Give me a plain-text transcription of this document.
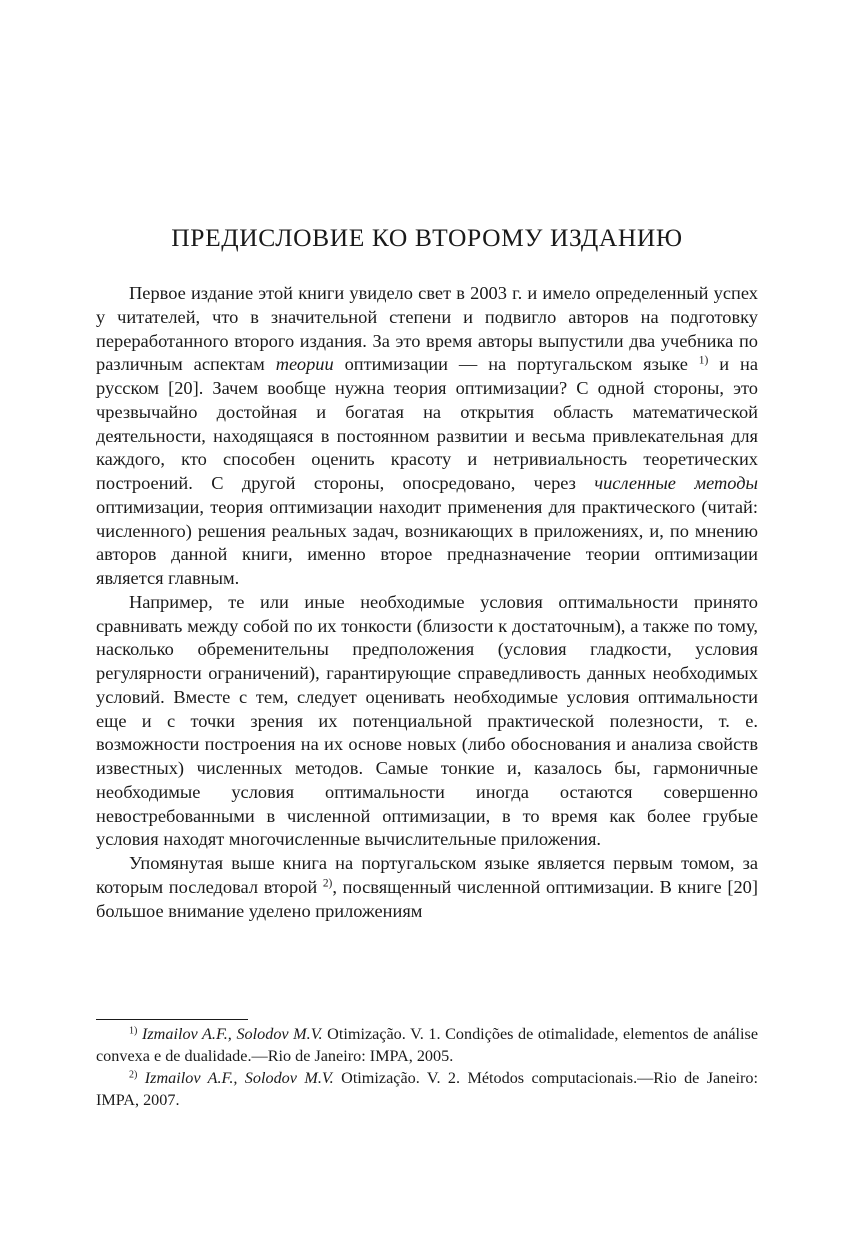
ПРЕДИСЛОВИЕ КО ВТОРОМУ ИЗДАНИЮ

Первое издание этой книги увидело свет в 2003 г. и имело определенный успех у читателей, что в значительной степени и подвигло авторов на подготовку переработанного второго издания. За это время авторы выпустили два учебника по различным аспектам теории оптимизации — на португальском языке $^{1)}$ и на русском [20]. Зачем вообще нужна теория оптимизации? С одной стороны, это чрезвычайно достойная и богатая на открытия область математической деятельности, находящаяся в постоянном развитии и весьма привлекательная для каждого, кто способен оценить красоту и нетривиальность теоретических построений. С другой стороны, опосредовано, через численные методы оптимизации, теория оптимизации находит применения для практического (читай: численного) решения реальных задач, возникающих в приложениях, и, по мнению авторов данной книги, именно второе предназначение теории оптимизации является главным.

Например, те или иные необходимые условия оптимальности принято сравнивать между собой по их тонкости (близости к достаточным), а также по тому, насколько обременительны предположения (условия гладкости, условия регулярности ограничений), гарантирующие справедливость данных необходимых условий. Вместе с тем, следует оценивать необходимые условия оптимальности еще и с точки зрения их потенциальной практической полезности, т. е. возможности построения на их основе новых (либо обоснования и анализа свойств известных) численных методов. Самые тонкие и, казалось бы, гармоничные необходимые условия оптимальности иногда остаются совершенно невостребованными в численной оптимизации, в то время как более грубые условия находят многочисленные вычислительные приложения.

Упомянутая выше книга на португальском языке является первым томом, за которым последовал второй $^{2)}$, посвященный численной оптимизации. В книге [20] большое внимание уделено приложениям

$^{1)}$ Izmailov A.F., Solodov M.V. Otimização. V. 1. Condições de otimalidade, elementos de análise convexa e de dualidade.—Rio de Janeiro: IMPA, 2005.

$^{2)}$ Izmailov A.F., Solodov M.V. Otimização. V. 2. Métodos computacionais.—Rio de Janeiro: IMPA, 2007.
